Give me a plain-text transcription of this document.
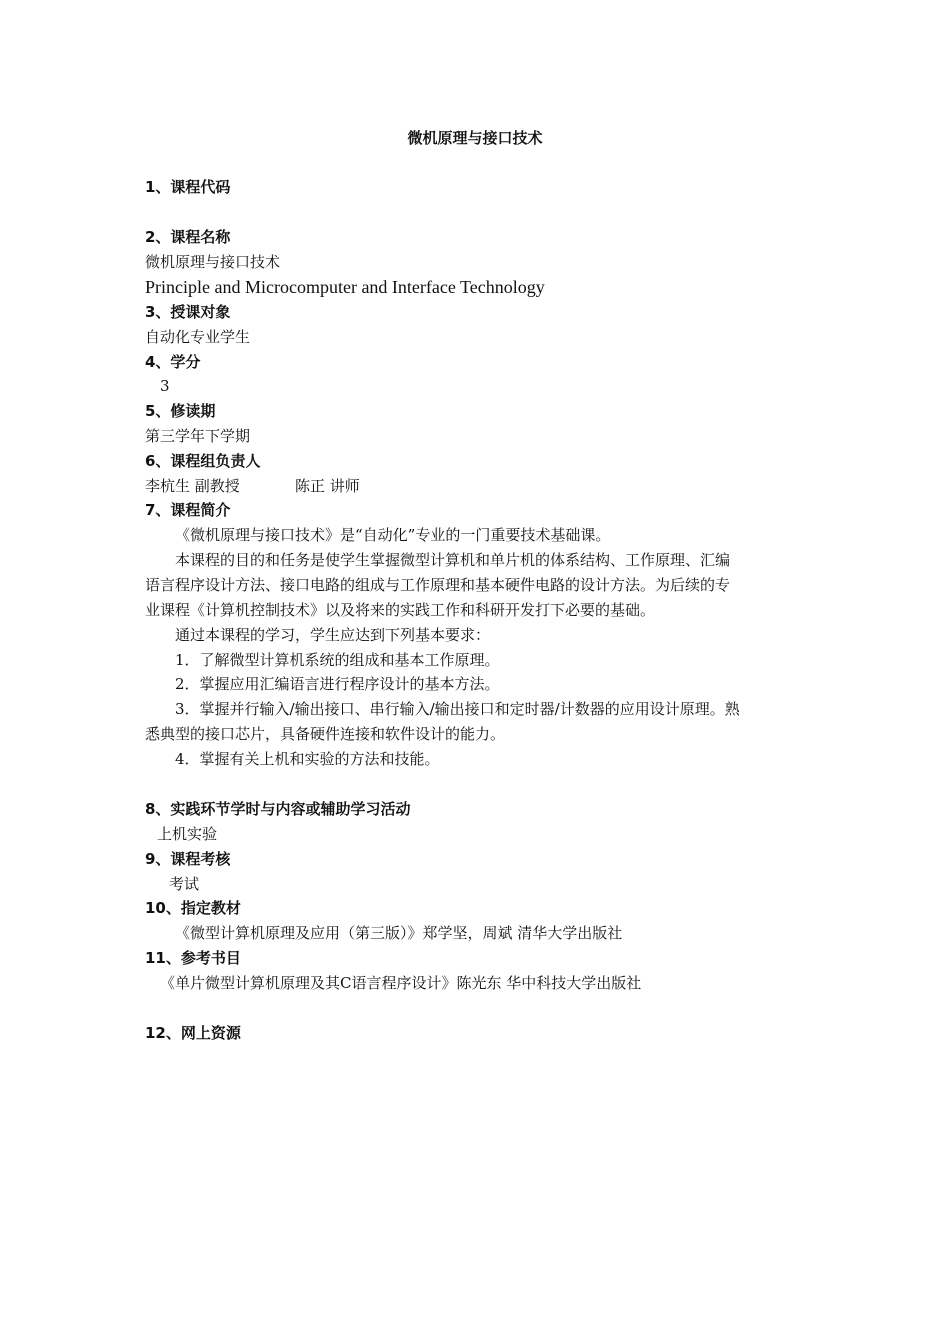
微机原理与接口技术
1、课程代码
2、课程名称
微机原理与接口技术
Principle and Microcomputer and Interface Technology
3、授课对象
自动化专业学生
4、学分
3
5、修读期
第三学年下学期
6、课程组负责人
李杭生 副教授	陈正 讲师
7、课程简介
《微机原理与接口技术》是“自动化”专业的一门重要技术基础课。
本课程的目的和任务是使学生掌握微型计算机和单片机的体系结构、工作原理、汇编
语言程序设计方法、接口电路的组成与工作原理和基本硬件电路的设计方法。为后续的专
业课程《计算机控制技术》以及将来的实践工作和科研开发打下必要的基础。
通过本课程的学习，学生应达到下列基本要求：
1．了解微型计算机系统的组成和基本工作原理。
2．掌握应用汇编语言进行程序设计的基本方法。
3．掌握并行输入/输出接口、串行输入/输出接口和定时器/计数器的应用设计原理。熟
悉典型的接口芯片，具备硬件连接和软件设计的能力。
4．掌握有关上机和实验的方法和技能。
8、实践环节学时与内容或辅助学习活动
上机实验
9、课程考核
考试
10、指定教材
《微型计算机原理及应用（第三版）》郑学坚，周斌 清华大学出版社
11、参考书目
《单片微型计算机原理及其C语言程序设计》陈光东 华中科技大学出版社
12、网上资源
